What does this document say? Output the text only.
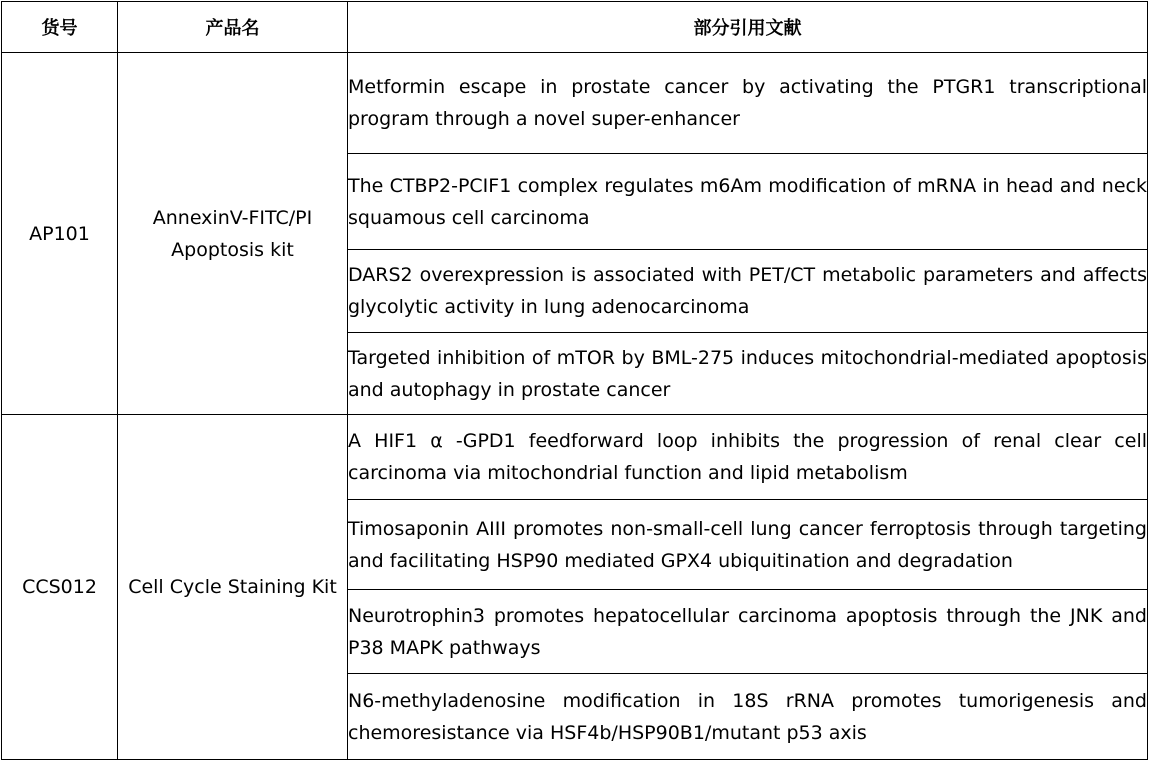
货号	产品名	部分引用文献
AP101	AnnexinV-FITC/PI Apoptosis kit	Metformin escape in prostate cancer by activating the PTGR1 transcriptional program through a novel super-enhancer
		The CTBP2-PCIF1 complex regulates m6Am modification of mRNA in head and neck squamous cell carcinoma
		DARS2 overexpression is associated with PET/CT metabolic parameters and affects glycolytic activity in lung adenocarcinoma
		Targeted inhibition of mTOR by BML-275 induces mitochondrial-mediated apoptosis and autophagy in prostate cancer
CCS012	Cell Cycle Staining Kit	A HIF1 α -GPD1 feedforward loop inhibits the progression of renal clear cell carcinoma via mitochondrial function and lipid metabolism
		Timosaponin AIII promotes non-small-cell lung cancer ferroptosis through targeting and facilitating HSP90 mediated GPX4 ubiquitination and degradation
		Neurotrophin3 promotes hepatocellular carcinoma apoptosis through the JNK and P38 MAPK pathways
		N6-methyladenosine modification in 18S rRNA promotes tumorigenesis and chemoresistance via HSF4b/HSP90B1/mutant p53 axis
